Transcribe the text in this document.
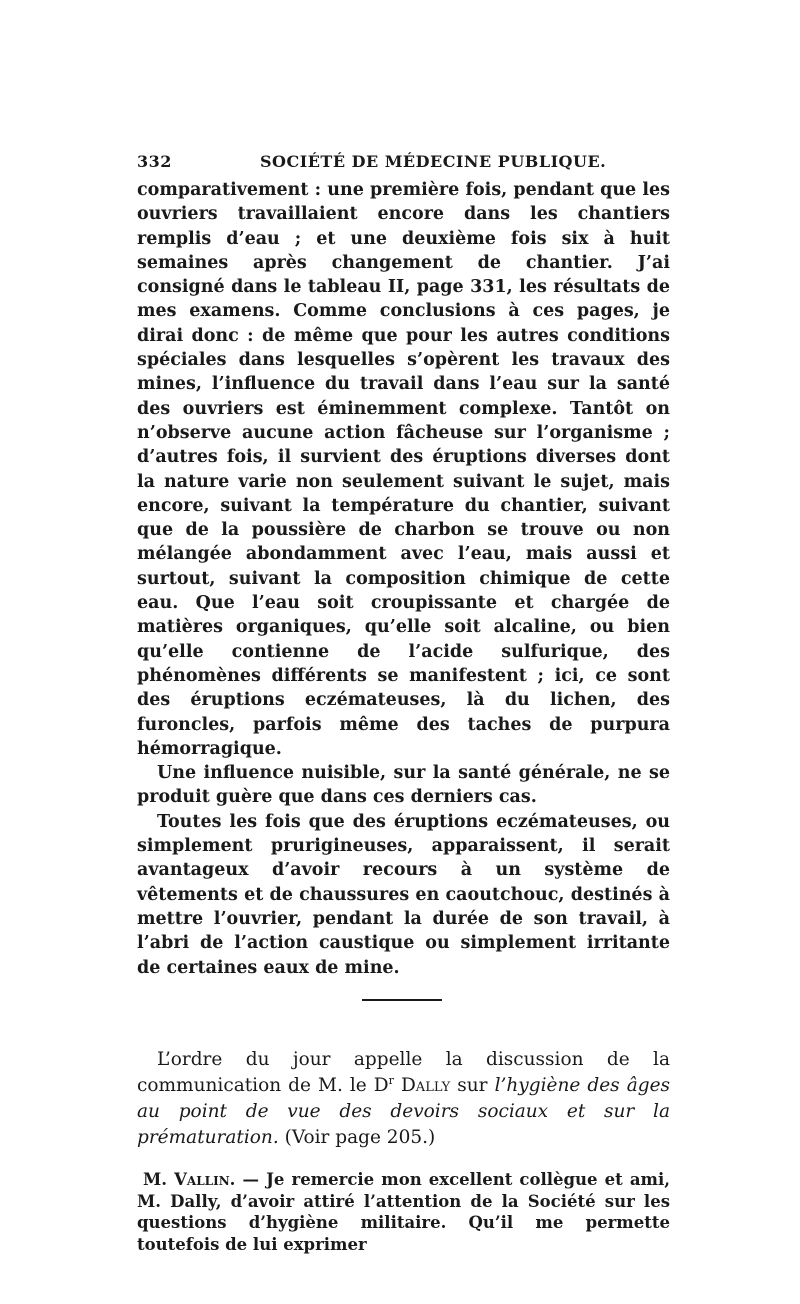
332	SOCIÉTÉ DE MÉDECINE PUBLIQUE.

comparativement : une première fois, pendant que les ouvriers travaillaient encore dans les chantiers remplis d’eau ; et une deuxième fois six à huit semaines après changement de chantier. J’ai consigné dans le tableau II, page 331, les résultats de mes examens. Comme conclusions à ces pages, je dirai donc : de même que pour les autres conditions spéciales dans lesquelles s’opèrent les travaux des mines, l’influence du travail dans l’eau sur la santé des ouvriers est éminemment complexe. Tantôt on n’observe aucune action fâcheuse sur l’organisme ; d’autres fois, il survient des éruptions diverses dont la nature varie non seulement suivant le sujet, mais encore, suivant la température du chantier, suivant que de la poussière de charbon se trouve ou non mélangée abondamment avec l’eau, mais aussi et surtout, suivant la composition chimique de cette eau. Que l’eau soit croupissante et chargée de matières organiques, qu’elle soit alcaline, ou bien qu’elle contienne de l’acide sulfurique, des phénomènes différents se manifestent ; ici, ce sont des éruptions eczémateuses, là du lichen, des furoncles, parfois même des taches de purpura hémorragique.

Une influence nuisible, sur la santé générale, ne se produit guère que dans ces derniers cas.

Toutes les fois que des éruptions eczémateuses, ou simplement prurigineuses, apparaissent, il serait avantageux d’avoir recours à un système de vêtements et de chaussures en caoutchouc, destinés à mettre l’ouvrier, pendant la durée de son travail, à l’abri de l’action caustique ou simplement irritante de certaines eaux de mine.

L’ordre du jour appelle la discussion de la communication de M. le $D^r$ Dally sur l’hygiène des âges au point de vue des devoirs sociaux et sur la prématuration. (Voir page 205.)

M. Vallin. — Je remercie mon excellent collègue et ami, M. Dally, d’avoir attiré l’attention de la Société sur les questions d’hygiène militaire. Qu’il me permette toutefois de lui exprimer
